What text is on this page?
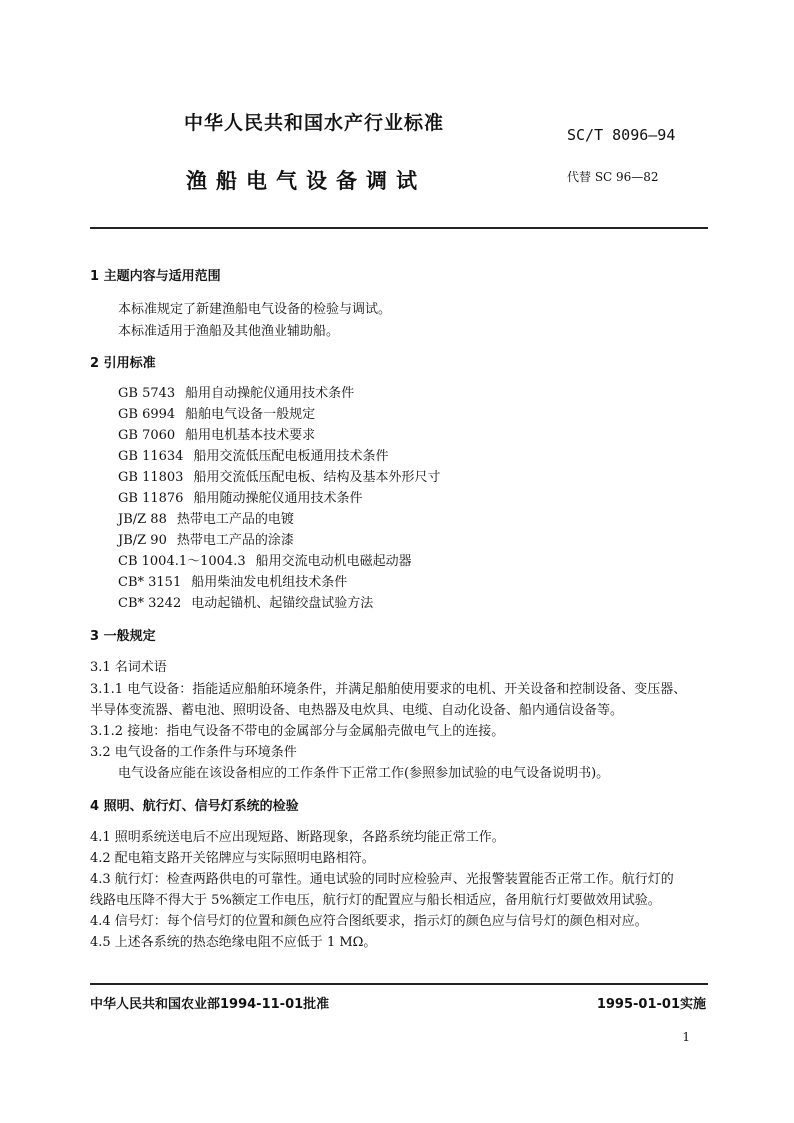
中华人民共和国水产行业标准
SC/T 8096—94
渔船电气设备调试	代替 SC 96—82
1 主题内容与适用范围
本标准规定了新建渔船电气设备的检验与调试。
本标准适用于渔船及其他渔业辅助船。
2 引用标准
GB 5743 船用自动操舵仪通用技术条件
GB 6994 船舶电气设备一般规定
GB 7060 船用电机基本技术要求
GB 11634 船用交流低压配电板通用技术条件
GB 11803 船用交流低压配电板、结构及基本外形尺寸
GB 11876 船用随动操舵仪通用技术条件
JB/Z 88 热带电工产品的电镀
JB/Z 90 热带电工产品的涂漆
CB 1004.1～1004.3 船用交流电动机电磁起动器
CB* 3151 船用柴油发电机组技术条件
CB* 3242 电动起锚机、起锚绞盘试验方法
3 一般规定
3.1 名词术语
3.1.1 电气设备：指能适应船舶环境条件，并满足船舶使用要求的电机、开关设备和控制设备、变压器、
半导体变流器、蓄电池、照明设备、电热器及电炊具、电缆、自动化设备、船内通信设备等。
3.1.2 接地：指电气设备不带电的金属部分与金属船壳做电气上的连接。
3.2 电气设备的工作条件与环境条件
电气设备应能在该设备相应的工作条件下正常工作(参照参加试验的电气设备说明书)。
4 照明、航行灯、信号灯系统的检验
4.1 照明系统送电后不应出现短路、断路现象，各路系统均能正常工作。
4.2 配电箱支路开关铭牌应与实际照明电路相符。
4.3 航行灯：检查两路供电的可靠性。通电试验的同时应检验声、光报警装置能否正常工作。航行灯的
线路电压降不得大于 5%额定工作电压，航行灯的配置应与船长相适应，备用航行灯要做效用试验。
4.4 信号灯：每个信号灯的位置和颜色应符合图纸要求，指示灯的颜色应与信号灯的颜色相对应。
4.5 上述各系统的热态绝缘电阻不应低于 1 MΩ。
中华人民共和国农业部1994-11-01批准	1995-01-01实施
1
